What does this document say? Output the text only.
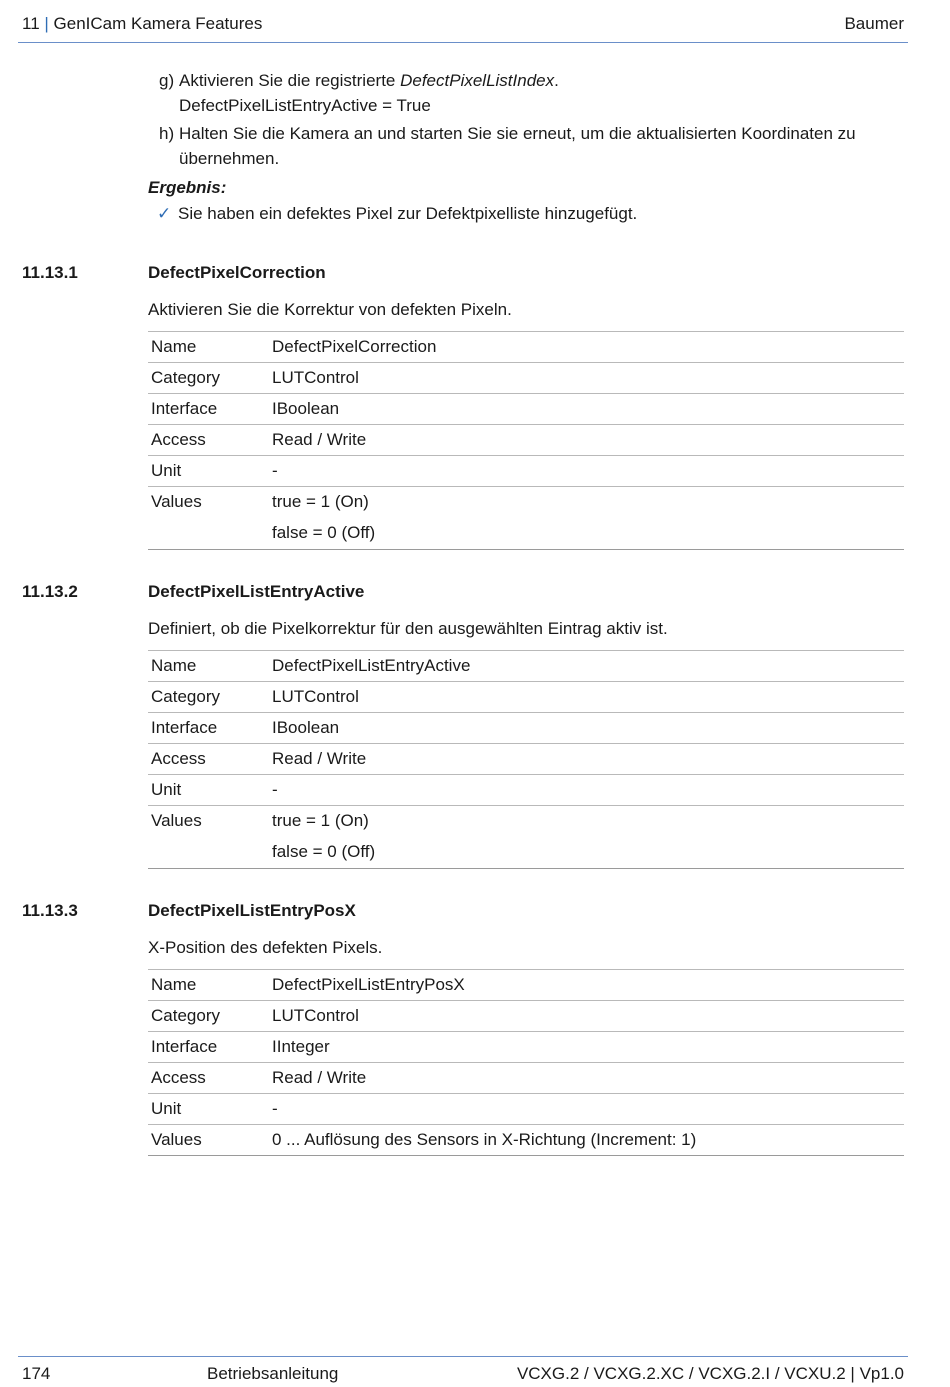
11 | GenICam Kamera Features	Baumer
g) Aktivieren Sie die registrierte DefectPixelListIndex.
DefectPixelListEntryActive = True
h) Halten Sie die Kamera an und starten Sie sie erneut, um die aktualisierten Koordinaten zu
übernehmen.
Ergebnis:
✓ Sie haben ein defektes Pixel zur Defektpixelliste hinzugefügt.
11.13.1	DefectPixelCorrection
Aktivieren Sie die Korrektur von defekten Pixeln.
Name	DefectPixelCorrection
Category	LUTControl
Interface	IBoolean
Access	Read / Write
Unit	-
Values	true = 1 (On)
	false = 0 (Off)
11.13.2	DefectPixelListEntryActive
Definiert, ob die Pixelkorrektur für den ausgewählten Eintrag aktiv ist.
Name	DefectPixelListEntryActive
Category	LUTControl
Interface	IBoolean
Access	Read / Write
Unit	-
Values	true = 1 (On)
	false = 0 (Off)
11.13.3	DefectPixelListEntryPosX
X-Position des defekten Pixels.
Name	DefectPixelListEntryPosX
Category	LUTControl
Interface	IInteger
Access	Read / Write
Unit	-
Values	0 ... Auflösung des Sensors in X-Richtung (Increment: 1)
174	Betriebsanleitung	VCXG.2 / VCXG.2.XC / VCXG.2.I / VCXU.2 | Vp1.0
